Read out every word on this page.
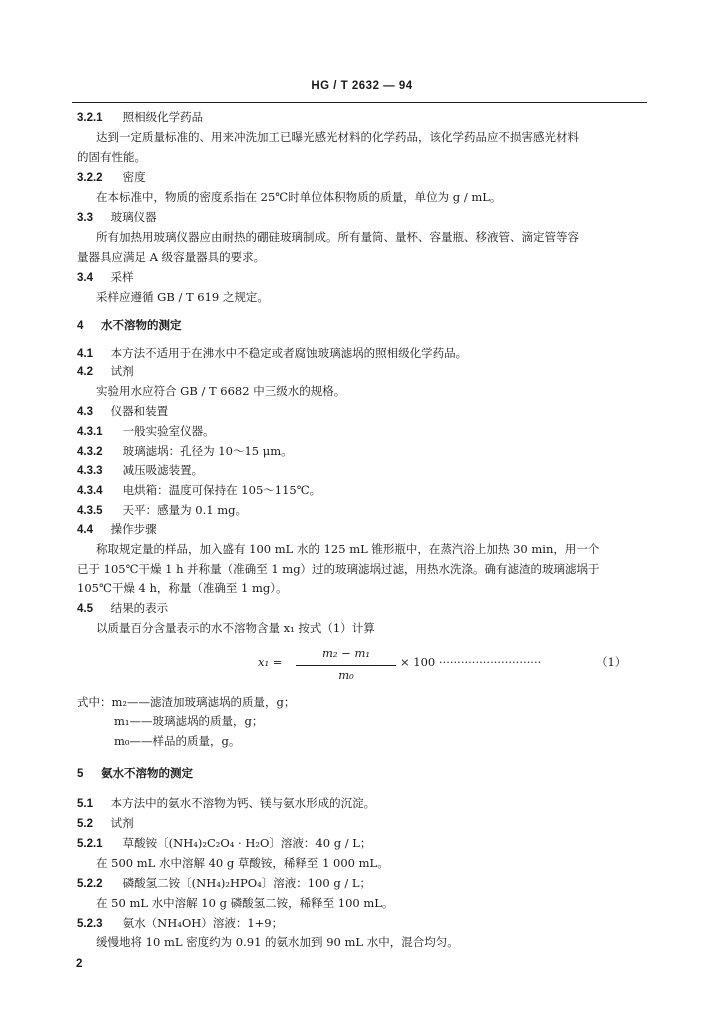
HG / T 2632 — 94
3.2.1 照相级化学药品
达到一定质量标准的、用来冲洗加工已曝光感光材料的化学药品，该化学药品应不损害感光材料
的固有性能。
3.2.2 密度
在本标准中，物质的密度系指在 25℃时单位体积物质的质量，单位为 g / mL。
3.3 玻璃仪器
所有加热用玻璃仪器应由耐热的硼硅玻璃制成。所有量筒、量杯、容量瓶、移液管、滴定管等容
量器具应满足 A 级容量器具的要求。
3.4 采样
采样应遵循 GB / T 619 之规定。
4 水不溶物的测定
4.1 本方法不适用于在沸水中不稳定或者腐蚀玻璃滤埚的照相级化学药品。
4.2 试剂
实验用水应符合 GB / T 6682 中三级水的规格。
4.3 仪器和装置
4.3.1 一般实验室仪器。
4.3.2 玻璃滤埚：孔径为 10～15 μm。
4.3.3 减压吸滤装置。
4.3.4 电烘箱：温度可保持在 105～115℃。
4.3.5 天平：感量为 0.1 mg。
4.4 操作步骤
称取规定量的样品，加入盛有 100 mL 水的 125 mL 锥形瓶中，在蒸汽浴上加热 30 min，用一个
已于 105℃干燥 1 h 并称量（准确至 1 mg）过的玻璃滤埚过滤，用热水洗涤。确有滤渣的玻璃滤埚于
105℃干燥 4 h，称量（准确至 1 mg）。
4.5 结果的表示
以质量百分含量表示的水不溶物含量 x₁ 按式（1）计算
x₁ =
m₂ − m₁
m₀
× 100 ····························	（1）
式中：m₂——滤渣加玻璃滤埚的质量，g；
m₁——玻璃滤埚的质量，g；
m₀——样品的质量，g。
5 氨水不溶物的测定
5.1 本方法中的氨水不溶物为钙、镁与氨水形成的沉淀。
5.2 试剂
5.2.1 草酸铵〔(NH₄)₂C₂O₄ · H₂O〕溶液：40 g / L；
在 500 mL 水中溶解 40 g 草酸铵，稀释至 1 000 mL。
5.2.2 磷酸氢二铵〔(NH₄)₂HPO₄〕溶液：100 g / L；
在 50 mL 水中溶解 10 g 磷酸氢二铵，稀释至 100 mL。
5.2.3 氨水（NH₄OH）溶液：1+9；
缓慢地将 10 mL 密度约为 0.91 的氨水加到 90 mL 水中，混合均匀。
2
